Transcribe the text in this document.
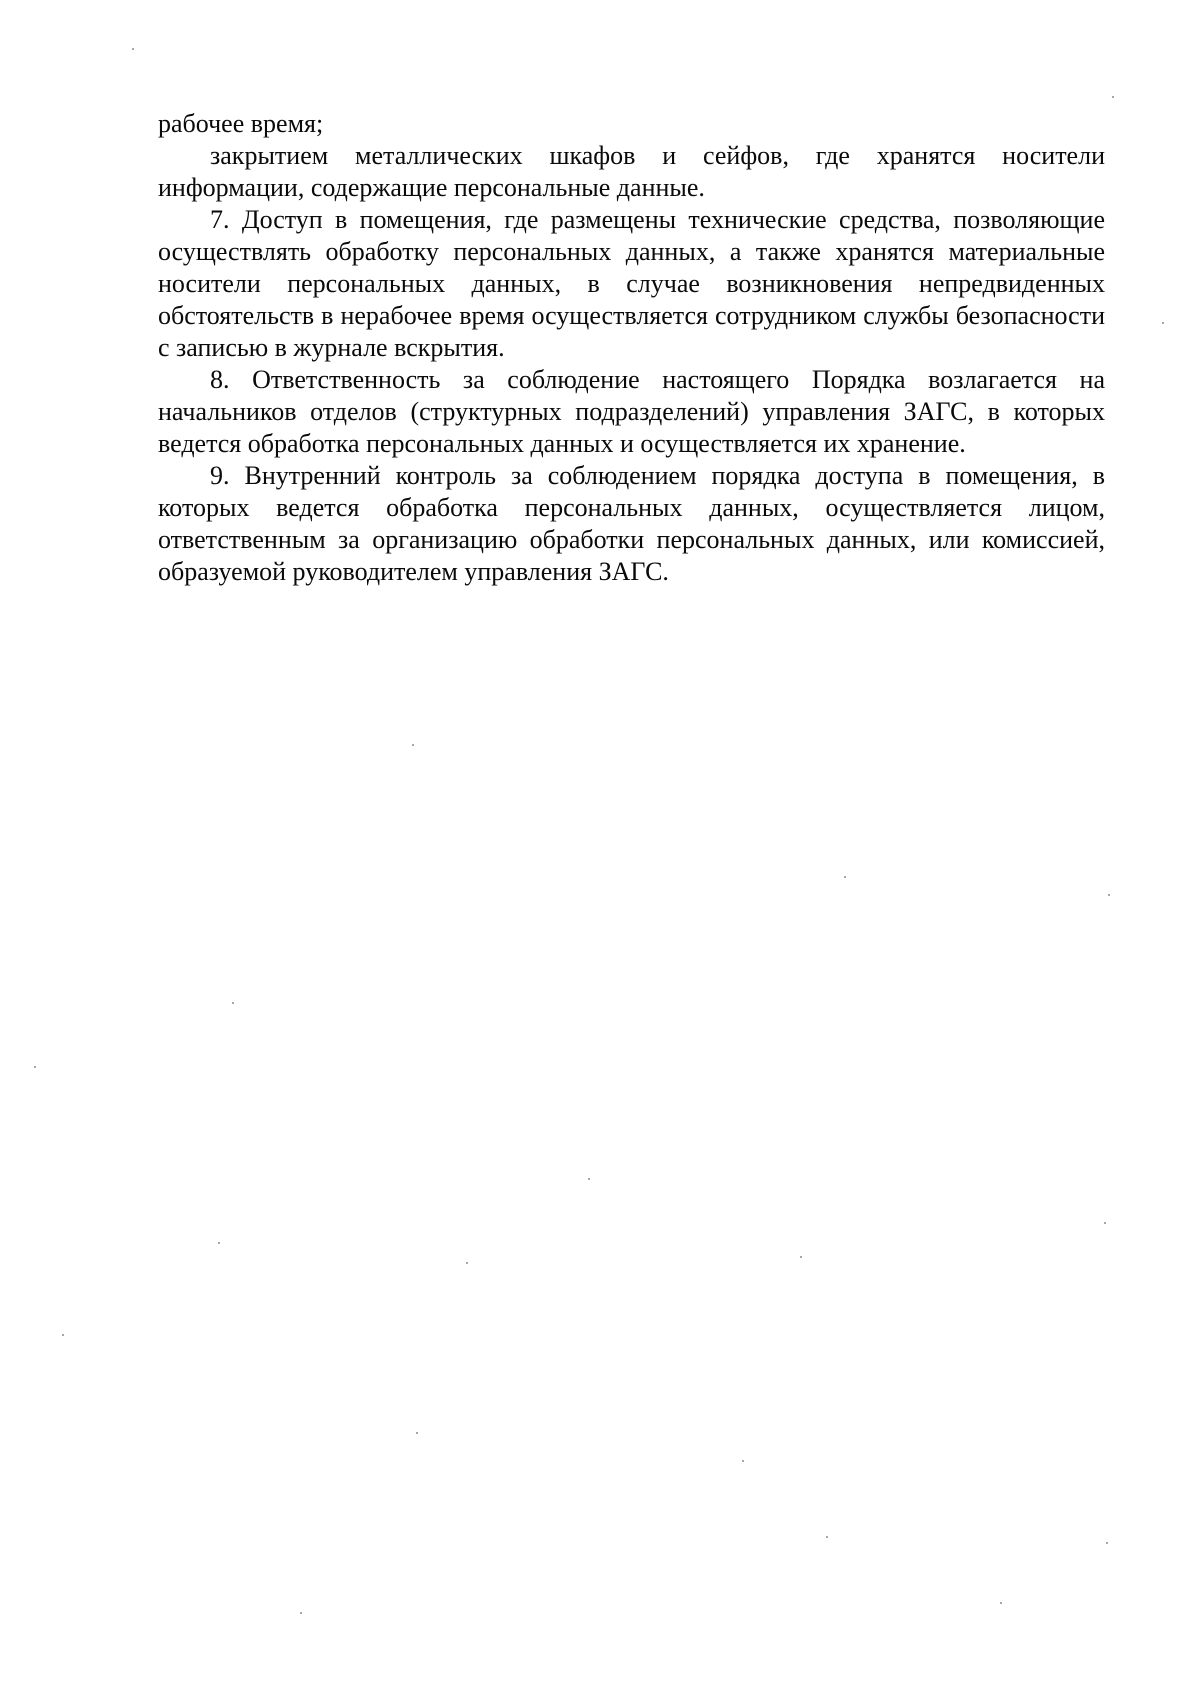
рабочее время;

закрытием металлических шкафов и сейфов, где хранятся носители информации, содержащие персональные данные.

7. Доступ в помещения, где размещены технические средства, позволяющие осуществлять обработку персональных данных, а также хранятся материальные носители персональных данных, в случае возникновения непредвиденных обстоятельств в нерабочее время осуществляется сотрудником службы безопасности с записью в журнале вскрытия.

8. Ответственность за соблюдение настоящего Порядка возлагается на начальников отделов (структурных подразделений) управления ЗАГС, в которых ведется обработка персональных данных и осуществляется их хранение.

9. Внутренний контроль за соблюдением порядка доступа в помещения, в которых ведется обработка персональных данных, осуществляется лицом, ответственным за организацию обработки персональных данных, или комиссией, образуемой руководителем управления ЗАГС.
